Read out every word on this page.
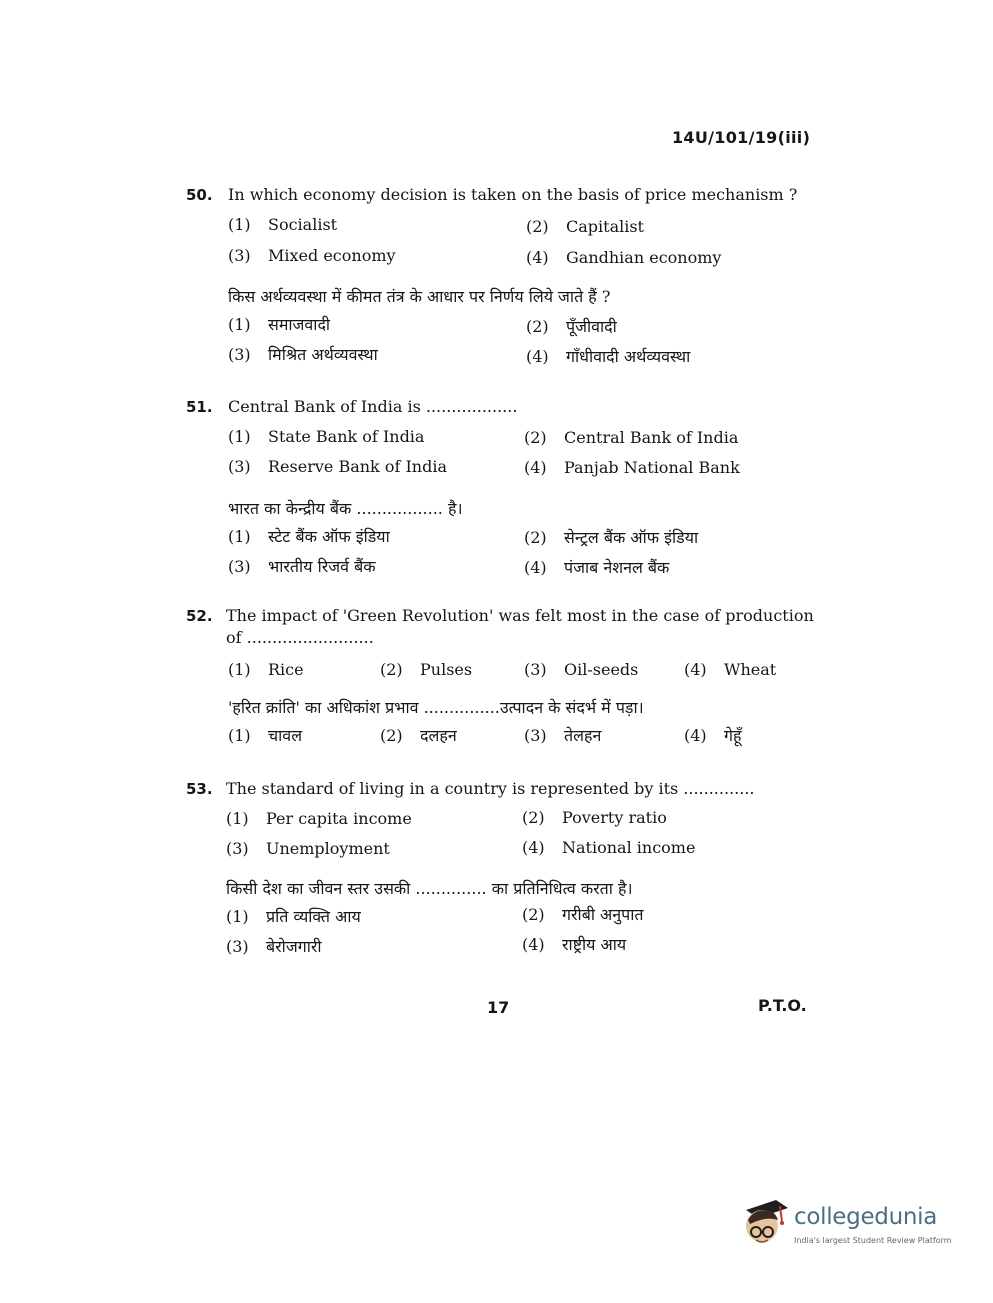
14U/101/19(iii)
50. In which economy decision is taken on the basis of price mechanism ?
(1) Socialist	(2) Capitalist
(3) Mixed economy	(4) Gandhian economy
किस अर्थव्यवस्था में कीमत तंत्र के आधार पर निर्णय लिये जाते हैं ?
(1) समाजवादी	(2) पूँजीवादी
(3) मिश्रित अर्थव्यवस्था	(4) गाँधीवादी अर्थव्यवस्था
51. Central Bank of India is ..................
(1) State Bank of India	(2) Central Bank of India
(3) Reserve Bank of India	(4) Panjab National Bank
भारत का केन्द्रीय बैंक ................. है।
(1) स्टेट बैंक ऑफ इंडिया	(2) सेन्ट्रल बैंक ऑफ इंडिया
(3) भारतीय रिजर्व बैंक	(4) पंजाब नेशनल बैंक
52. The impact of 'Green Revolution' was felt most in the case of production of .........................
(1) Rice	(2) Pulses	(3) Oil-seeds	(4) Wheat
'हरित क्रांति' का अधिकांश प्रभाव ...............उत्पादन के संदर्भ में पड़ा।
(1) चावल	(2) दलहन	(3) तेलहन	(4) गेहूँ
53. The standard of living in a country is represented by its ..............
(1) Per capita income	(2) Poverty ratio
(3) Unemployment	(4) National income
किसी देश का जीवन स्तर उसकी .............. का प्रतिनिधित्व करता है।
(1) प्रति व्यक्ति आय	(2) गरीबी अनुपात
(3) बेरोजगारी	(4) राष्ट्रीय आय
17	P.T.O.
collegedunia
India's largest Student Review Platform
